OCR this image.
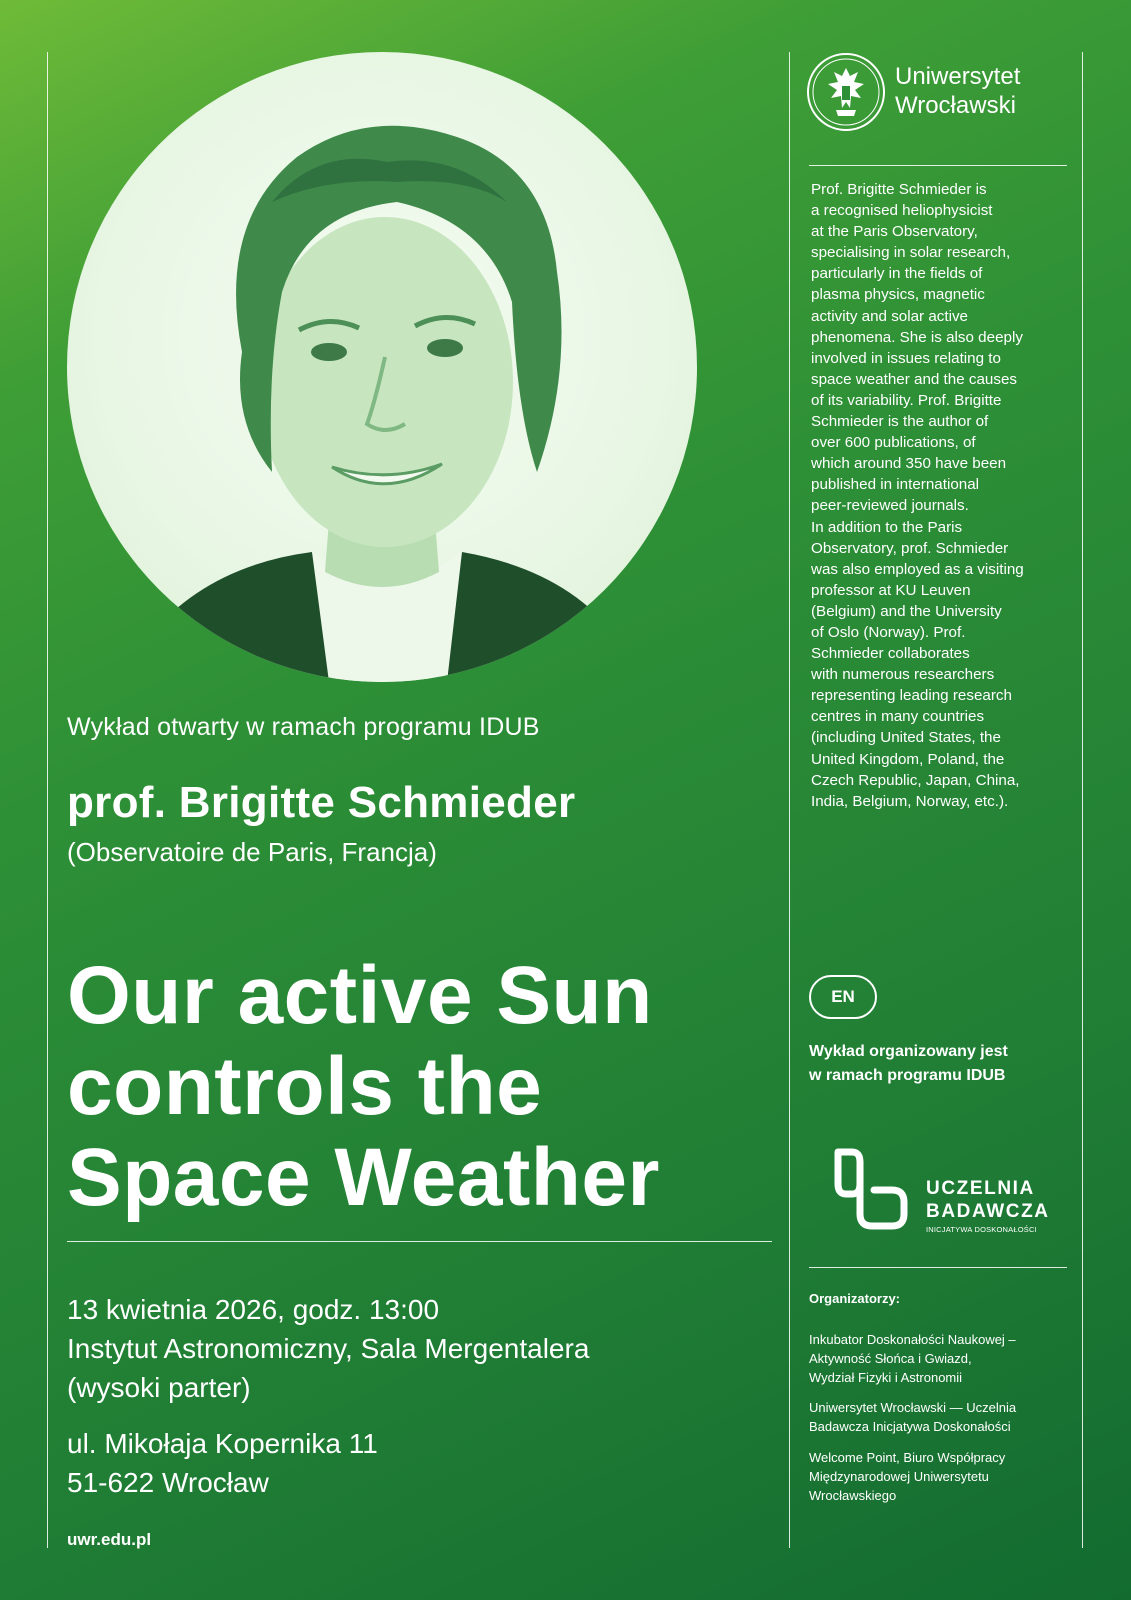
Wykład otwarty w ramach programu IDUB
prof. Brigitte Schmieder
(Observatoire de Paris, Francja)
Our active Sun
controls the
Space Weather
13 kwietnia 2026, godz. 13:00
Instytut Astronomiczny, Sala Mergentalera
(wysoki parter)
ul. Mikołaja Kopernika 11
51-622 Wrocław
uwr.edu.pl
Uniwersytet
Wrocławski
Prof. Brigitte Schmieder is
a recognised heliophysicist
at the Paris Observatory,
specialising in solar research,
particularly in the fields of
plasma physics, magnetic
activity and solar active
phenomena. She is also deeply
involved in issues relating to
space weather and the causes
of its variability. Prof. Brigitte
Schmieder is the author of
over 600 publications, of
which around 350 have been
published in international
peer-reviewed journals.
In addition to the Paris
Observatory, prof. Schmieder
was also employed as a visiting
professor at KU Leuven
(Belgium) and the University
of Oslo (Norway). Prof.
Schmieder collaborates
with numerous researchers
representing leading research
centres in many countries
(including United States, the
United Kingdom, Poland, the
Czech Republic, Japan, China,
India, Belgium, Norway, etc.).
EN
Wykład organizowany jest
w ramach programu IDUB
UCZELNIA
BADAWCZA
INICJATYWA DOSKONAŁOŚCI
Organizatorzy:
Inkubator Doskonałości Naukowej –
Aktywność Słońca i Gwiazd,
Wydział Fizyki i Astronomii
Uniwersytet Wrocławski — Uczelnia
Badawcza Inicjatywa Doskonałości
Welcome Point, Biuro Współpracy
Międzynarodowej Uniwersytetu
Wrocławskiego
